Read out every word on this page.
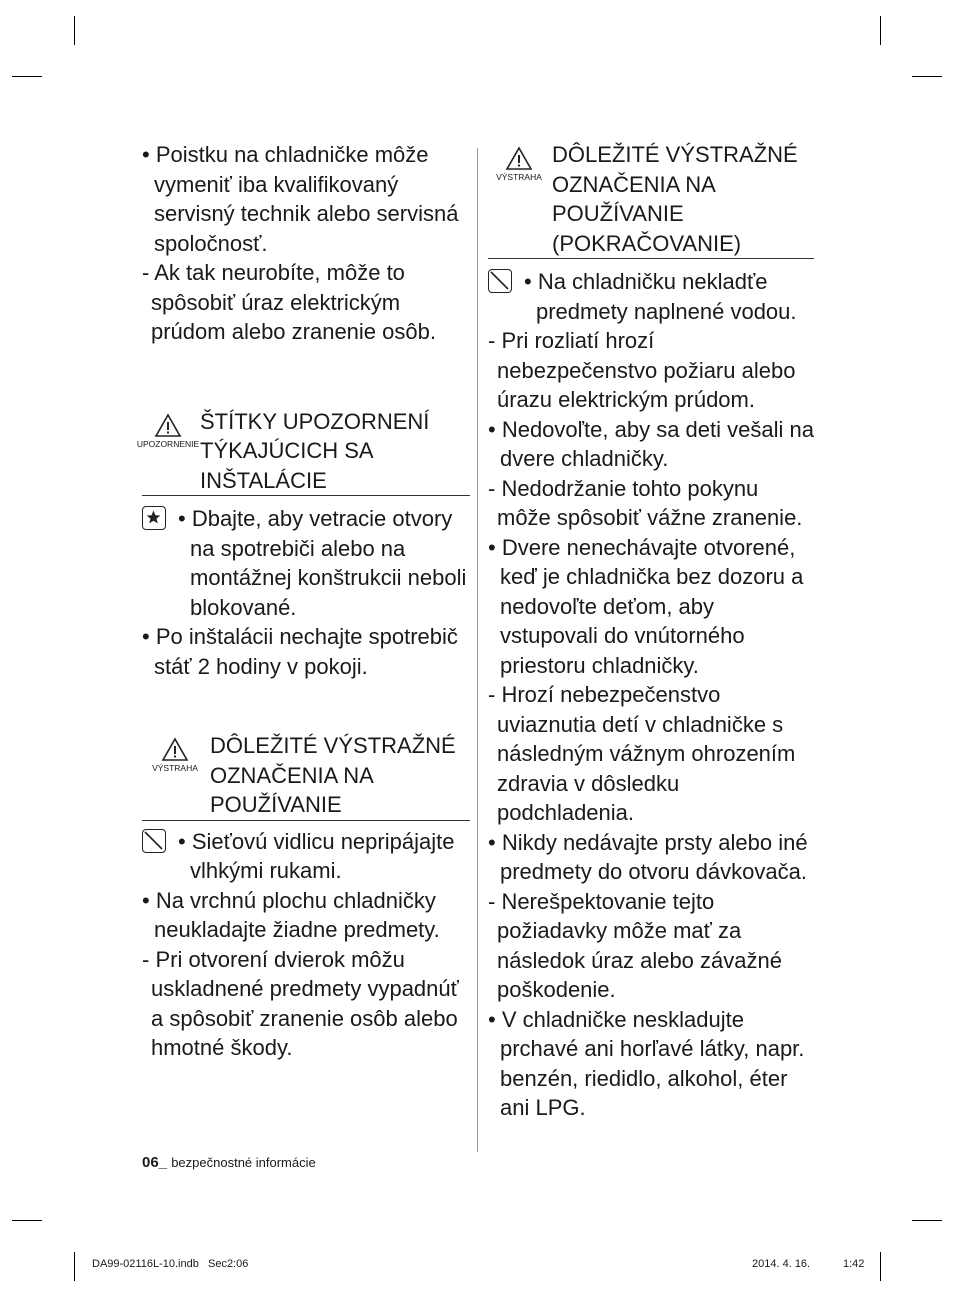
• Poistku na chladničke môže vymeniť iba kvalifikovaný servisný technik alebo servisná spoločnosť.

- Ak tak neurobíte, môže to spôsobiť úraz elektrickým prúdom alebo zranenie osôb.

UPOZORNENIE
ŠTÍTKY UPOZORNENÍ TÝKAJÚCICH SA INŠTALÁCIE

• Dbajte, aby vetracie otvory na spotrebiči alebo na montážnej konštrukcii neboli blokované.

• Po inštalácii nechajte spotrebič stáť 2 hodiny v pokoji.

VÝSTRAHA
DÔLEŽITÉ VÝSTRAŽNÉ OZNAČENIA NA POUŽÍVANIE

• Sieťovú vidlicu nepripájajte vlhkými rukami.

• Na vrchnú plochu chladničky neukladajte žiadne predmety.

- Pri otvorení dvierok môžu uskladnené predmety vypadnúť a spôsobiť zranenie osôb alebo hmotné škody.

VÝSTRAHA
DÔLEŽITÉ VÝSTRAŽNÉ OZNAČENIA NA POUŽÍVANIE (POKRAČOVANIE)

• Na chladničku nekladťe predmety naplnené vodou.

- Pri rozliatí hrozí nebezpečenstvo požiaru alebo úrazu elektrickým prúdom.

• Nedovoľte, aby sa deti vešali na dvere chladničky.

- Nedodržanie tohto pokynu môže spôsobiť vážne zranenie.

• Dvere nenechávajte otvorené, keď je chladnička bez dozoru a nedovoľte deťom, aby vstupovali do vnútorného priestoru chladničky.

- Hrozí nebezpečenstvo uviaznutia detí v chladničke s následným vážnym ohrozením zdravia v dôsledku podchladenia.

• Nikdy nedávajte prsty alebo iné predmety do otvoru dávkovača.

- Nerešpektovanie tejto požiadavky môže mať za následok úraz alebo závažné poškodenie.

• V chladničke neskladujte prchavé ani horľavé látky, napr. benzén, riedidlo, alkohol, éter ani LPG.

06_ bezpečnostné informácie
DA99-02116L-10.indb   Sec2:06	2014. 4. 16.	1:42
